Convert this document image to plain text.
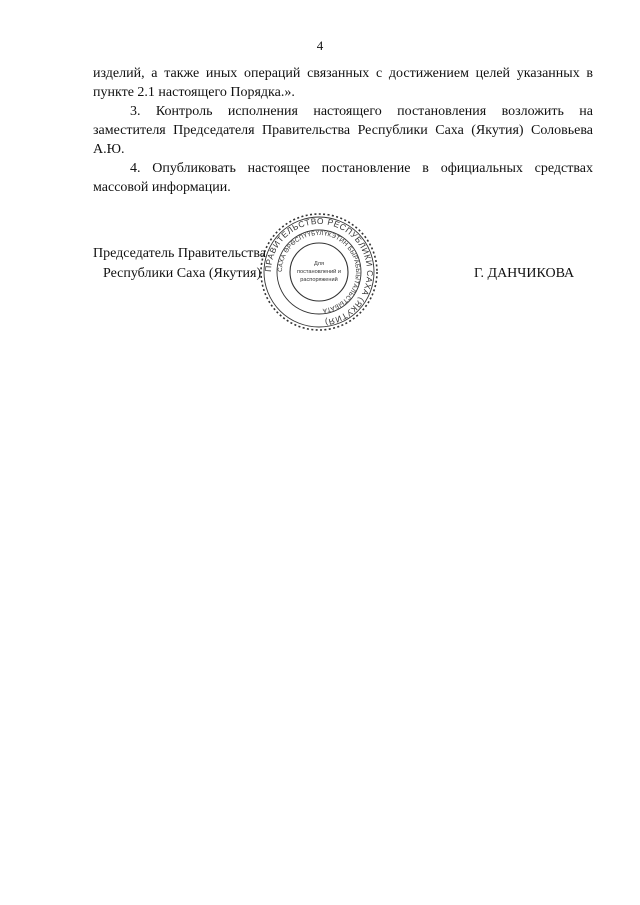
4

изделий, а также иных операций связанных с достижением целей указанных в пункте 2.1 настоящего Порядка.».

3. Контроль исполнения настоящего постановления возложить на заместителя Председателя Правительства Республики Саха (Якутия) Соловьева А.Ю.

4. Опубликовать настоящее постановление в официальных средствах массовой информации.

ПРАВИТЕЛЬСТВО РЕСПУБЛИКИ САХА (ЯКУТИЯ)
САХА ӨРӨСПҮҮБҮЛҮКЭТИН БЫРАБЫЫТАЛЬСТЫБАТА
Для
постановлений и
распоряжений
Председатель Правительства
Республики Саха (Якутия)	Г. ДАНЧИКОВА
